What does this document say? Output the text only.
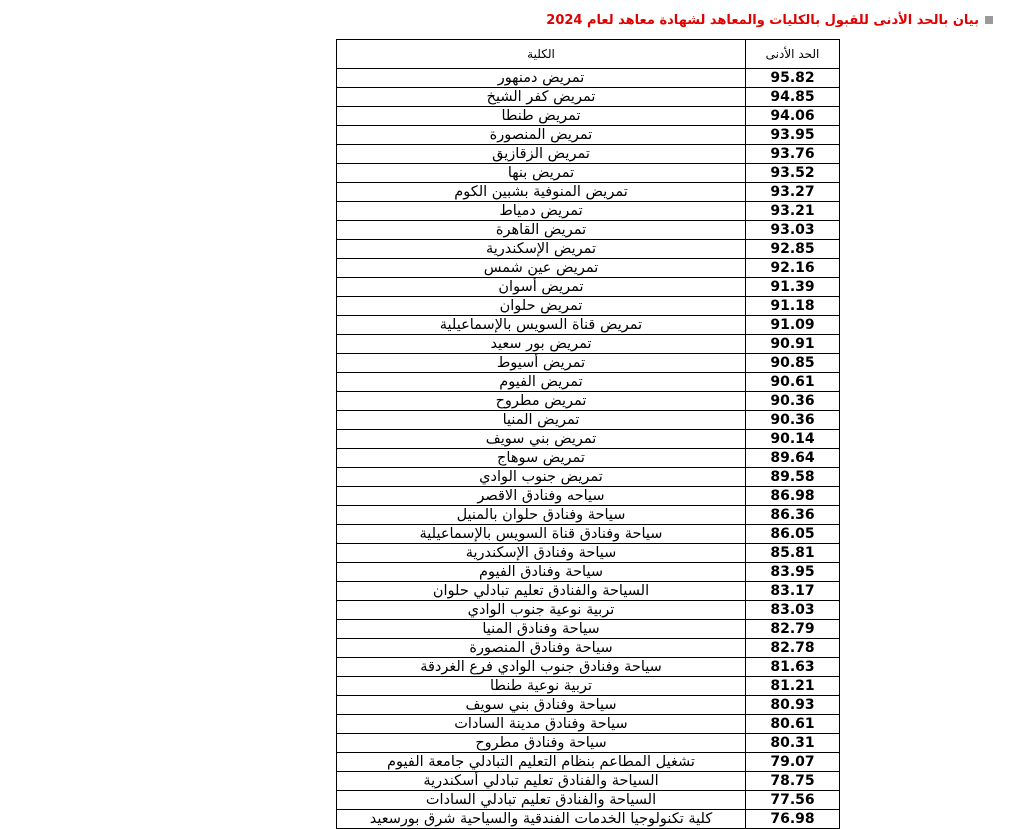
بيان بالحد الأدنى للقبول بالكليات والمعاهد لشهادة معاهد لعام 2024
الحد الأدنى	الكلية
95.82	تمريض دمنهور
94.85	تمريض كفر الشيخ
94.06	تمريض طنطا
93.95	تمريض المنصورة
93.76	تمريض الزقازيق
93.52	تمريض بنها
93.27	تمريض المنوفية بشبين الكوم
93.21	تمريض دمياط
93.03	تمريض القاهرة
92.85	تمريض الإسكندرية
92.16	تمريض عين شمس
91.39	تمريض أسوان
91.18	تمريض حلوان
91.09	تمريض قناة السويس بالإسماعيلية
90.91	تمريض بور سعيد
90.85	تمريض أسيوط
90.61	تمريض الفيوم
90.36	تمريض مطروح
90.36	تمريض المنيا
90.14	تمريض بني سويف
89.64	تمريض سوهاج
89.58	تمريض جنوب الوادي
86.98	سياحه وفنادق الاقصر
86.36	سياحة وفنادق حلوان بالمنيل
86.05	سياحة وفنادق قناة السويس بالإسماعيلية
85.81	سياحة وفنادق الإسكندرية
83.95	سياحة وفنادق الفيوم
83.17	السياحة والفنادق تعليم تبادلي حلوان
83.03	تربية نوعية جنوب الوادي
82.79	سياحة وفنادق المنيا
82.78	سياحة وفنادق المنصورة
81.63	سياحة وفنادق جنوب الوادي فرع الغردقة
81.21	تربية نوعية طنطا
80.93	سياحة وفنادق بني سويف
80.61	سياحة وفنادق مدينة السادات
80.31	سياحة وفنادق مطروح
79.07	تشغيل المطاعم بنظام التعليم التبادلي جامعة الفيوم
78.75	السياحة والفنادق تعليم تبادلي أسكندرية
77.56	السياحة والفنادق تعليم تبادلي السادات
76.98	كلية تكنولوجيا الخدمات الفندقية والسياحية شرق بورسعيد
